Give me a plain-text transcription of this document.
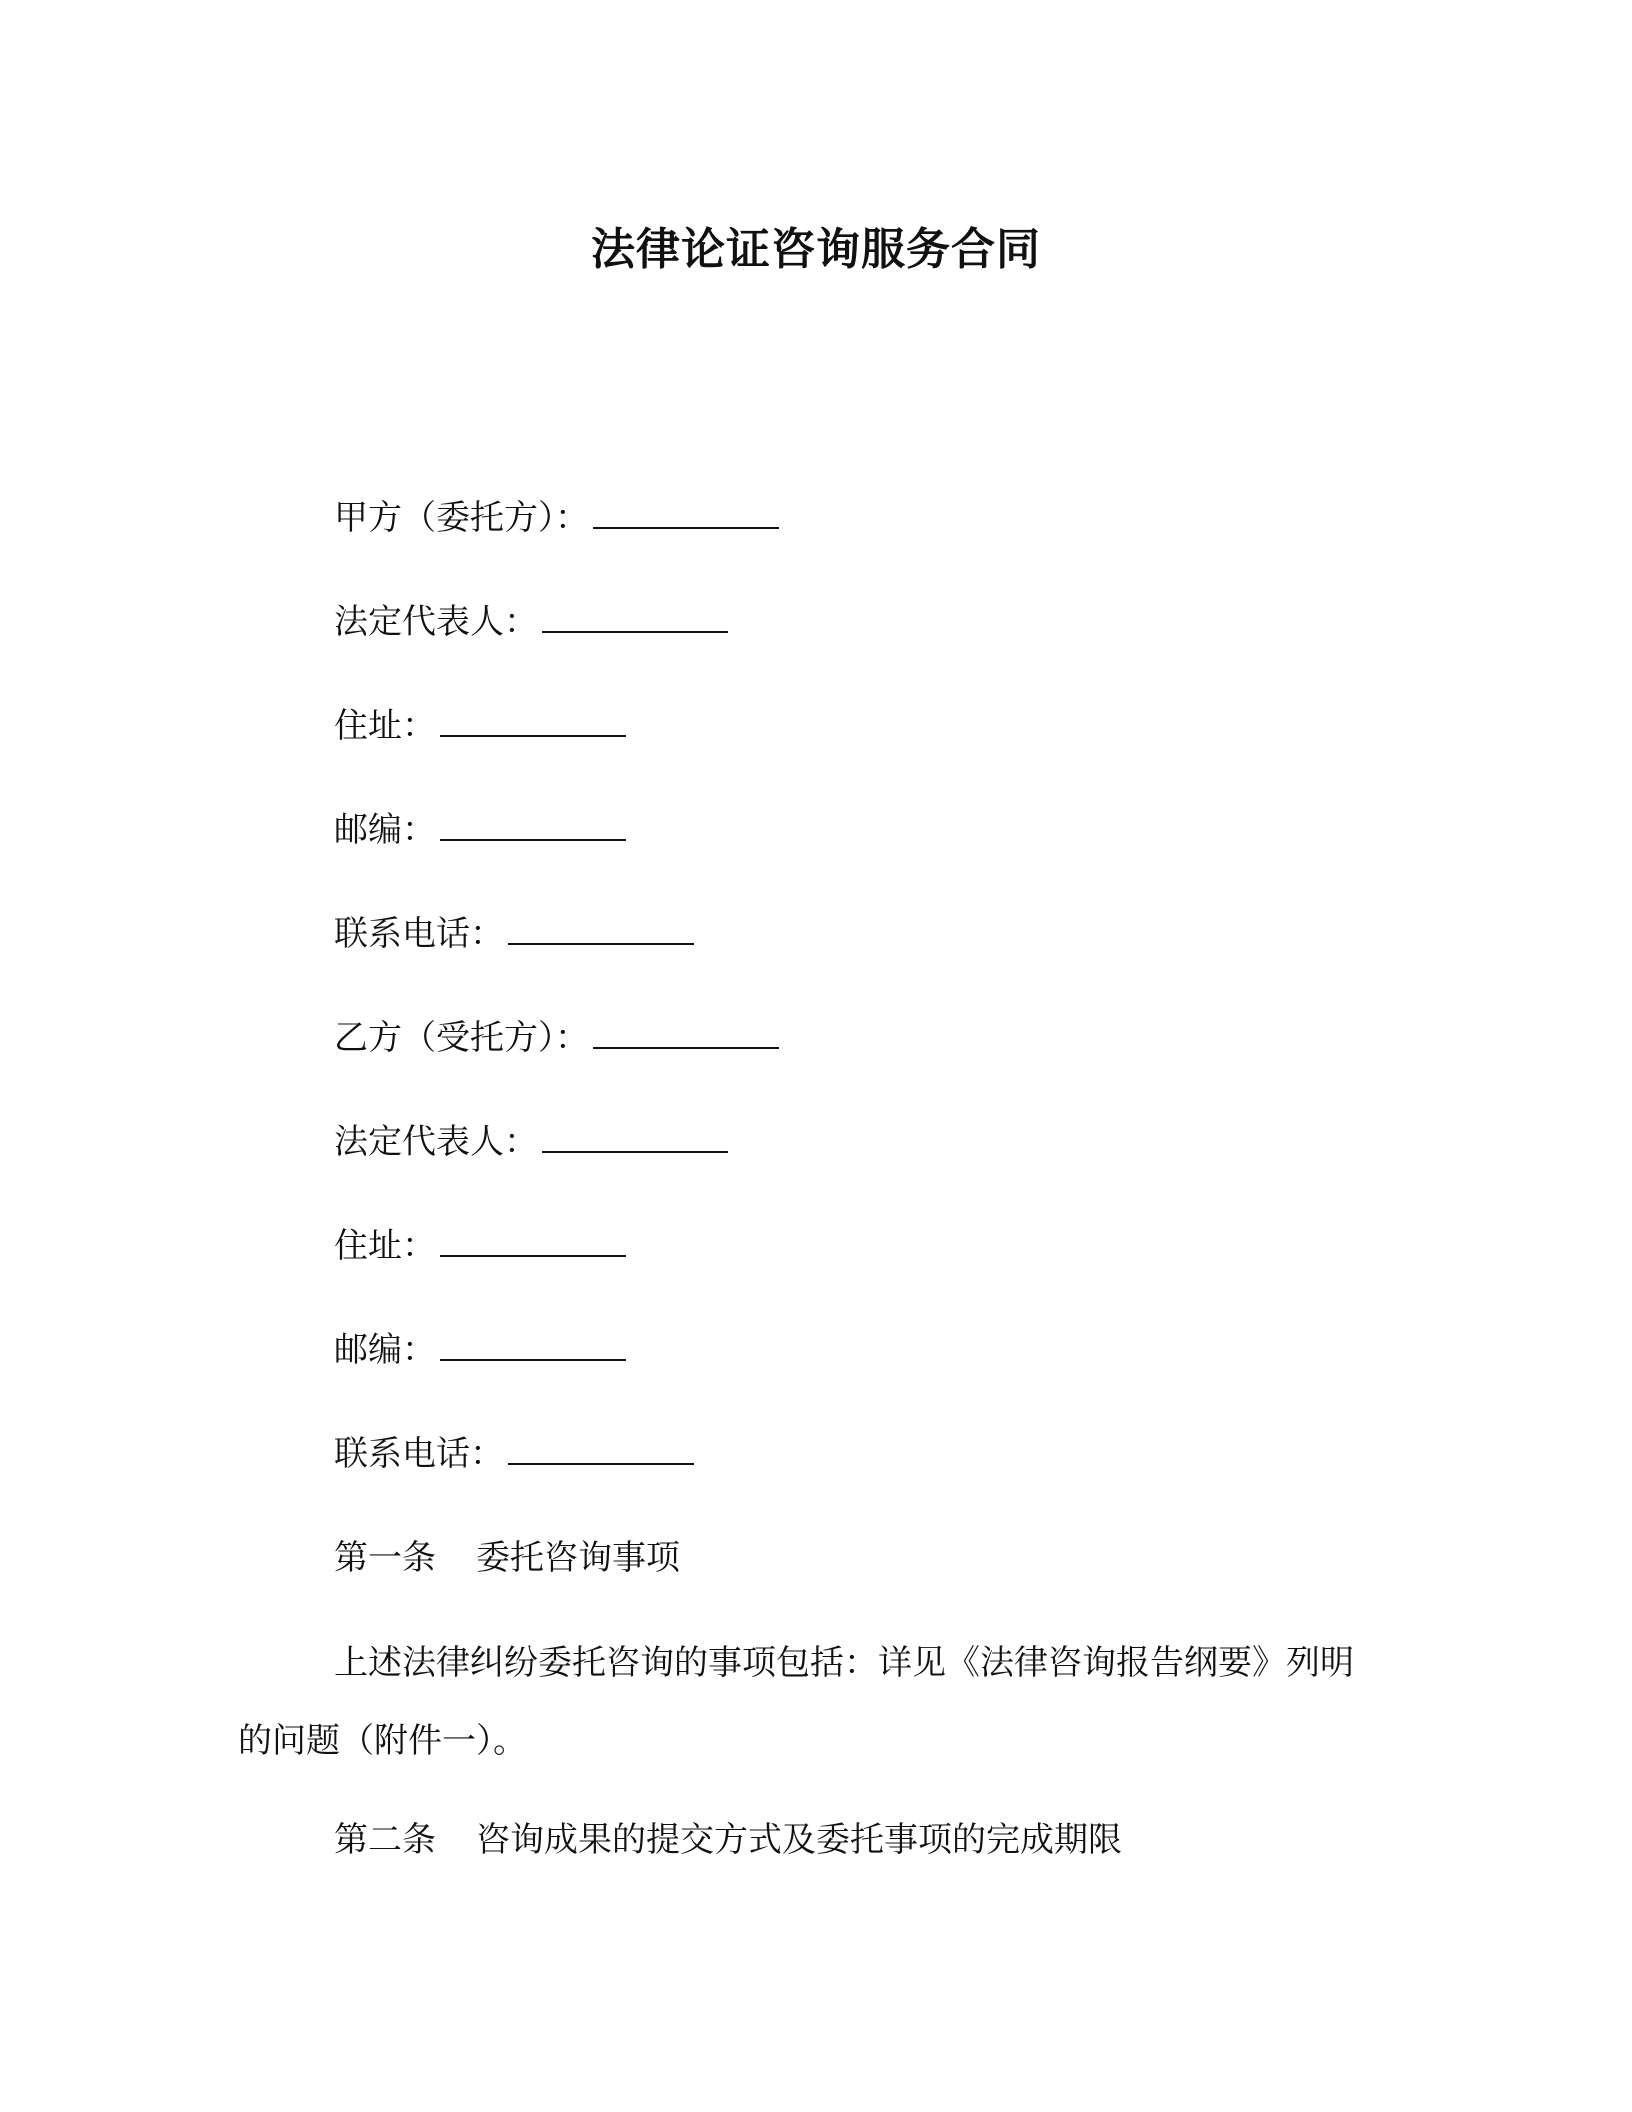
法律论证咨询服务合同
甲方（委托方）：
法定代表人：
住址：
邮编：
联系电话：
乙方（受托方）：
法定代表人：
住址：
邮编：
联系电话：
第一条 委托咨询事项
上述法律纠纷委托咨询的事项包括：详见《法律咨询报告纲要》列明的问题（附件一）。
第二条 咨询成果的提交方式及委托事项的完成期限
